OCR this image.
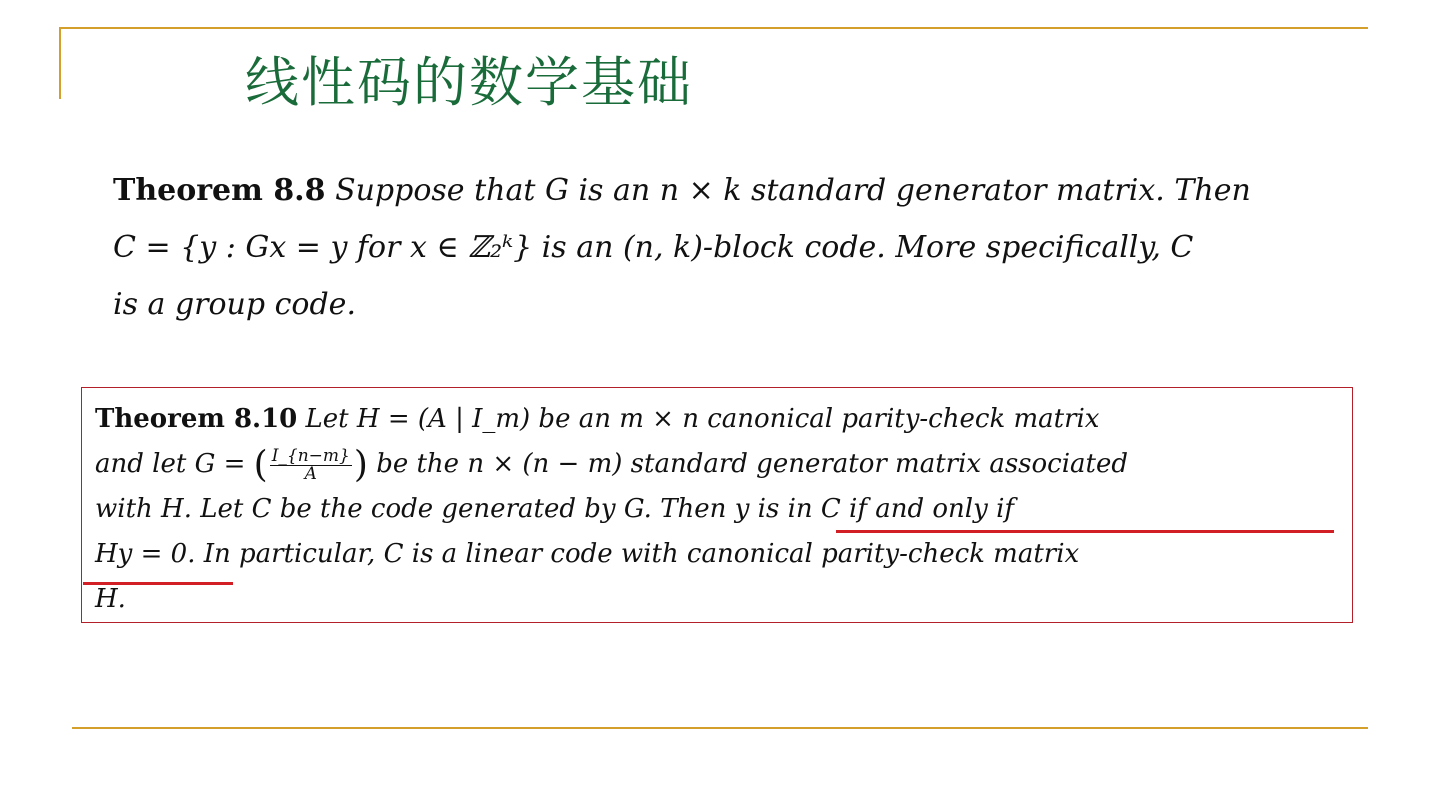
线性码的数学基础
Theorem 8.8 Suppose that G is an n × k standard generator matrix. Then
C = {y : Gx = y for x ∈ ℤ₂ᵏ} is an (n, k)-block code. More specifically, C
is a group code.
Theorem 8.10 Let H = (A | I_m) be an m × n canonical parity-check matrix
and let G = ( $\frac{I\_\{n-m\}}{A}$ ) be the n × (n − m) standard generator matrix associated
with H. Let C be the code generated by G. Then y is in C if and only if
Hy = 0. In particular, C is a linear code with canonical parity-check matrix
H.
